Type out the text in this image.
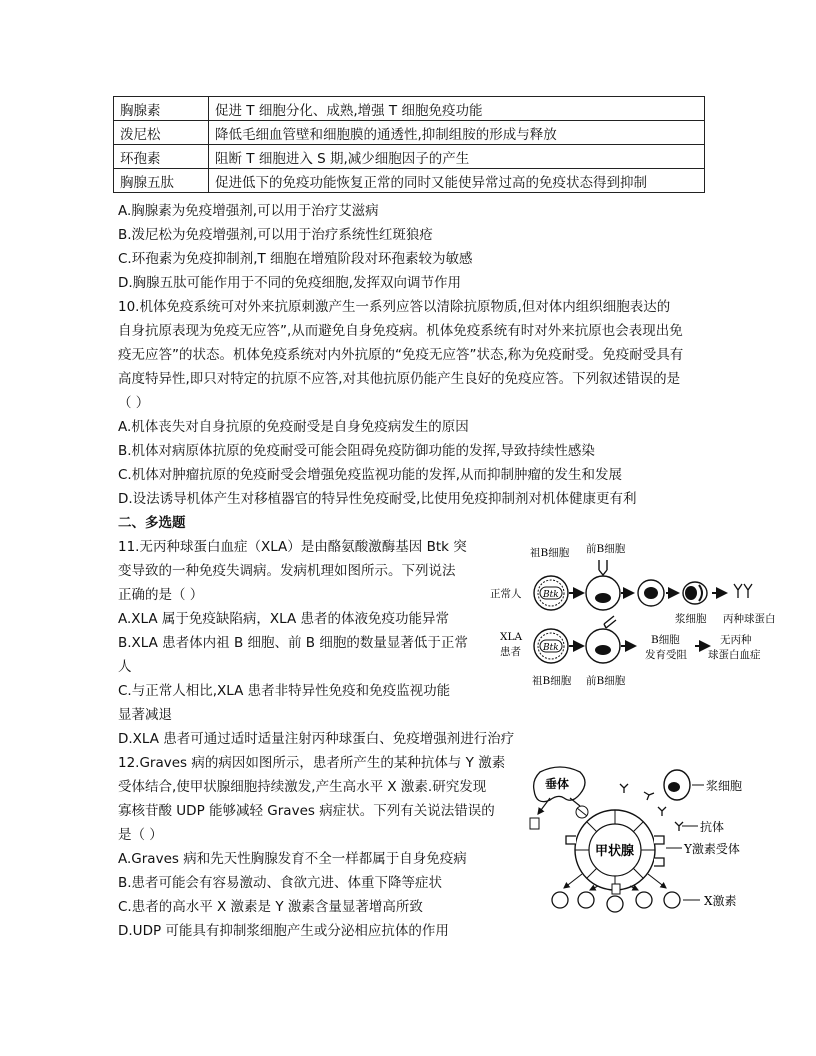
胸腺素	促进 T 细胞分化、成熟,增强 T 细胞免疫功能
泼尼松	降低毛细血管壁和细胞膜的通透性,抑制组胺的形成与释放
环孢素	阻断 T 细胞进入 S 期,减少细胞因子的产生
胸腺五肽	促进低下的免疫功能恢复正常的同时又能使异常过高的免疫状态得到抑制
A.胸腺素为免疫增强剂,可以用于治疗艾滋病
B.泼尼松为免疫增强剂,可以用于治疗系统性红斑狼疮
C.环孢素为免疫抑制剂,T 细胞在增殖阶段对环孢素较为敏感
D.胸腺五肽可能作用于不同的免疫细胞,发挥双向调节作用
10.机体免疫系统可对外来抗原刺激产生一系列应答以清除抗原物质,但对体内组织细胞表达的
自身抗原表现为免疫无应答”,从而避免自身免疫病。机体免疫系统有时对外来抗原也会表现出免
疫无应答”的状态。机体免疫系统对内外抗原的“免疫无应答”状态,称为免疫耐受。免疫耐受具有
高度特异性,即只对特定的抗原不应答,对其他抗原仍能产生良好的免疫应答。下列叙述错误的是
（ ）
A.机体丧失对自身抗原的免疫耐受是自身免疫病发生的原因
B.机体对病原体抗原的免疫耐受可能会阻碍免疫防御功能的发挥,导致持续性感染
C.机体对肿瘤抗原的免疫耐受会增强免疫监视功能的发挥,从而抑制肿瘤的发生和发展
D.设法诱导机体产生对移植器官的特异性免疫耐受,比使用免疫抑制剂对机体健康更有利
二、多选题
11.无丙种球蛋白血症（XLA）是由酪氨酸激酶基因 Btk 突
变导致的一种免疫失调病。发病机理如图所示。下列说法
正确的是（ ）
A.XLA 属于免疫缺陷病，XLA 患者的体液免疫功能异常
B.XLA 患者体内祖 B 细胞、前 B 细胞的数量显著低于正常
人
C.与正常人相比,XLA 患者非特异性免疫和免疫监视功能
显著减退
D.XLA 患者可通过适时适量注射丙种球蛋白、免疫增强剂进行治疗
12.Graves 病的病因如图所示，患者所产生的某种抗体与 Y 激素
受体结合,使甲状腺细胞持续激发,产生高水平 X 激素.研究发现
寡核苷酸 UDP 能够减轻 Graves 病症状。下列有关说法错误的
是（ ）
A.Graves 病和先天性胸腺发育不全一样都属于自身免疫病
B.患者可能会有容易激动、食欲亢进、体重下降等症状
C.患者的高水平 X 激素是 Y 激素含量显著增高所致
D.UDP 可能具有抑制浆细胞产生或分泌相应抗体的作用
祖B细胞 前B细胞
正常人 Btk
浆细胞 丙种球蛋白
XLA
患者 Btk
B细胞
发育受阻
无丙种
球蛋白血症
祖B细胞 前B细胞
垂体	浆细胞
抗体
甲状腺	Y激素受体
X激素
